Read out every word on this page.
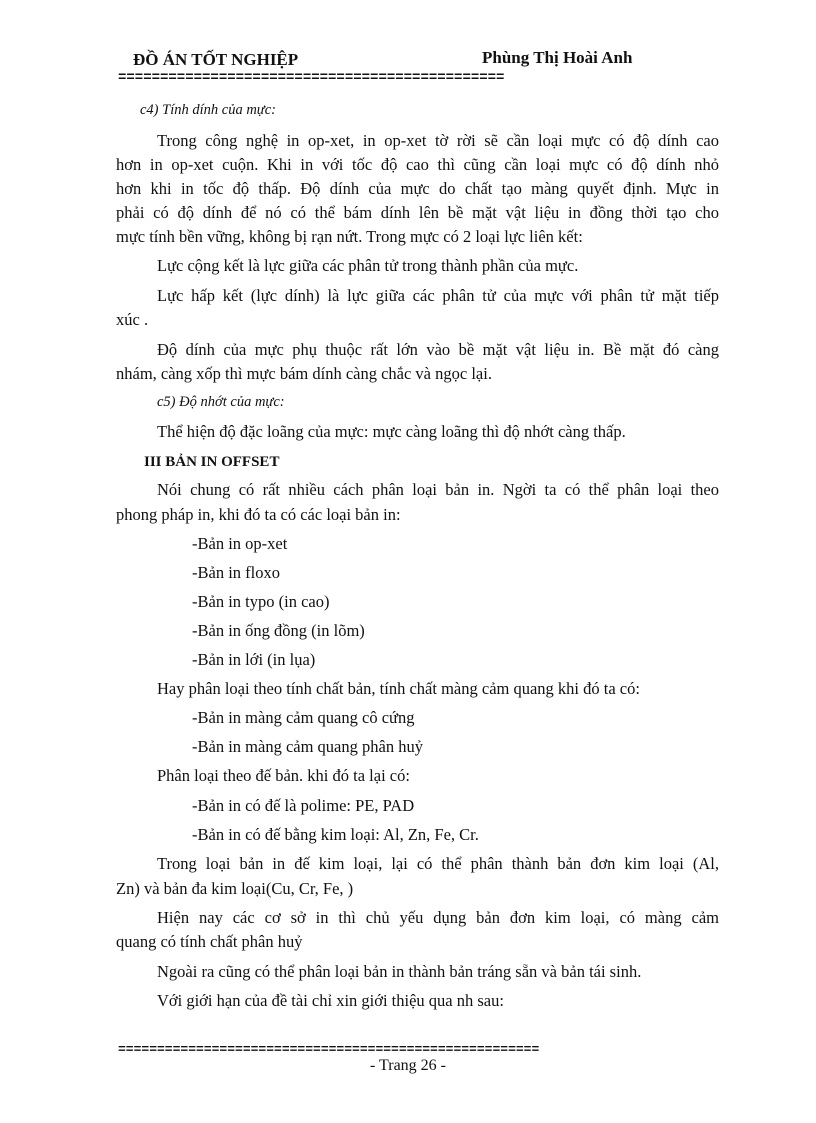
ĐỒ ÁN TỐT NGHIỆP	Phùng Thị Hoài Anh
==============================================
c4) Tính dính của mực:
Trong công nghệ in op-xet, in op-xet tờ rời sẽ cần loại mực có độ dính cao
hơn in op-xet cuộn. Khi in với tốc độ cao thì cũng cần loại mực có độ dính nhỏ
hơn khi in tốc độ thấp. Độ dính của mực do chất tạo màng quyết định. Mực in
phải có độ dính để nó có thể bám dính lên bề mặt vật liệu in đồng thời tạo cho
mực tính bền vững, không bị rạn nứt. Trong mực có 2 loại lực liên kết:
Lực cộng kết là lực giữa các phân tử trong thành phần của mực.
Lực hấp kết (lực dính) là lực giữa các phân tử của mực với phân tử mặt tiếp
xúc .
Độ dính của mực phụ thuộc rất lớn vào bề mặt vật liệu in. Bề mặt đó càng
nhám, càng xốp thì mực bám dính càng chắc và ngọc lại.
c5) Độ nhớt của mực:
Thể hiện độ đặc loãng của mực: mực càng loãng thì độ nhớt càng thấp.
III BẢN IN OFFSET
Nói chung có rất nhiều cách phân loại bản in. Ngời ta có thể phân loại theo
phong pháp in, khi đó ta có các loại bản in:
-Bản in op-xet
-Bản in floxo
-Bản in typo (in cao)
-Bản in ống đồng (in lõm)
-Bản in lới (in lụa)
Hay phân loại theo tính chất bản, tính chất màng cảm quang khi đó ta có:
-Bản in màng cảm quang cô cứng
-Bản in màng cảm quang phân huỷ
Phân loại theo đế bản. khi đó ta lại có:
-Bản in có đế là polime: PE, PAD
-Bản in có đế bằng kim loại: Al, Zn, Fe, Cr.
Trong loại bản in đế kim loại, lại có thể phân thành bản đơn kim loại (Al,
Zn) và bản đa kim loại(Cu, Cr, Fe, )
Hiện nay các cơ sở in thì chủ yếu dụng bản đơn kim loại, có màng cảm
quang có tính chất phân huỷ
Ngoài ra cũng có thể phân loại bản in thành bản tráng sẵn và bản tái sinh.
Với giới hạn của đề tài chỉ xin giới thiệu qua nh sau:
======================================================
- Trang 26 -
